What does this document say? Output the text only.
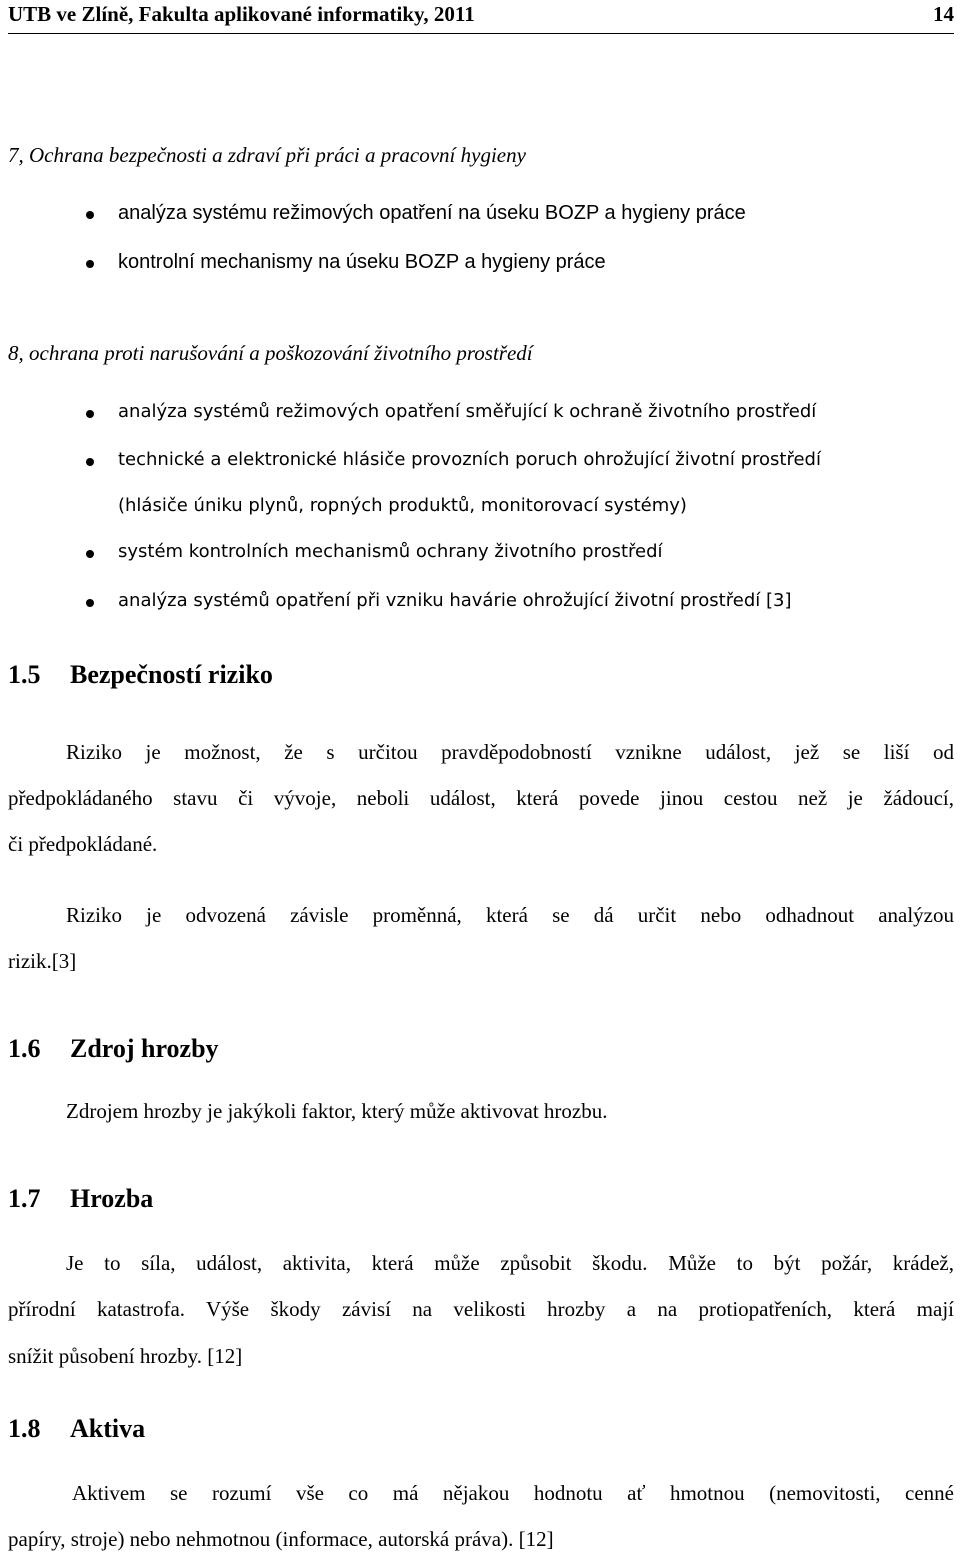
UTB ve Zlíně, Fakulta aplikované informatiky, 2011	14
7, Ochrana bezpečnosti a zdraví při práci a pracovní hygieny
analýza systému režimových opatření na úseku BOZP a hygieny práce
kontrolní mechanismy na úseku BOZP a hygieny práce
8, ochrana proti narušování a poškozování životního prostředí
analýza systémů režimových opatření směřující k ochraně životního prostředí
technické a elektronické hlásiče provozních poruch ohrožující životní prostředí
(hlásiče úniku plynů, ropných produktů, monitorovací systémy)
systém kontrolních mechanismů ochrany životního prostředí
analýza systémů opatření při vzniku havárie ohrožující životní prostředí [3]
1.5 Bezpečností riziko
Riziko je možnost, že s určitou pravděpodobností vznikne událost, jež se liší od
předpokládaného stavu či vývoje, neboli událost, která povede jinou cestou než je žádoucí,
či předpokládané.
Riziko je odvozená závisle proměnná, která se dá určit nebo odhadnout analýzou
rizik.[3]
1.6 Zdroj hrozby
Zdrojem hrozby je jakýkoli faktor, který může aktivovat hrozbu.
1.7 Hrozba
Je to síla, událost, aktivita, která může způsobit škodu. Může to být požár, krádež,
přírodní katastrofa. Výše škody závisí na velikosti hrozby a na protiopatřeních, která mají
snížit působení hrozby. [12]
1.8 Aktiva
Aktivem se rozumí vše co má nějakou hodnotu ať hmotnou (nemovitosti, cenné
papíry, stroje) nebo nehmotnou (informace, autorská práva). [12]
